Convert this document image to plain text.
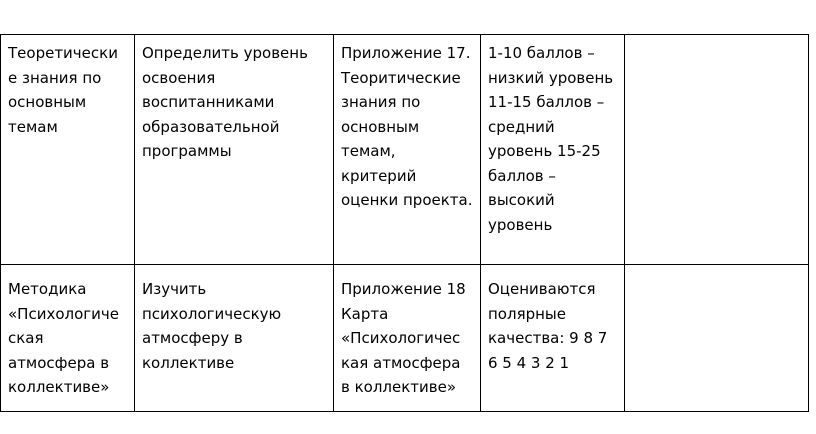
Теоретически е знания по основным темам	Определить уровень освоения воспитанниками образовательной программы	Приложение 17. Теоритические знания по основным темам, критерий оценки проекта.	1-10 баллов – низкий уровень 11-15 баллов – средний уровень 15-25 баллов – высокий уровень	

Методика «Психологиче ская атмосфера в коллективе»	Изучить психологическую атмосферу в коллективе	Приложение 18 Карта «Психологичес кая атмосфера в коллективе»	Оцениваются полярные качества: 9 8 7 6 5 4 3 2 1	
